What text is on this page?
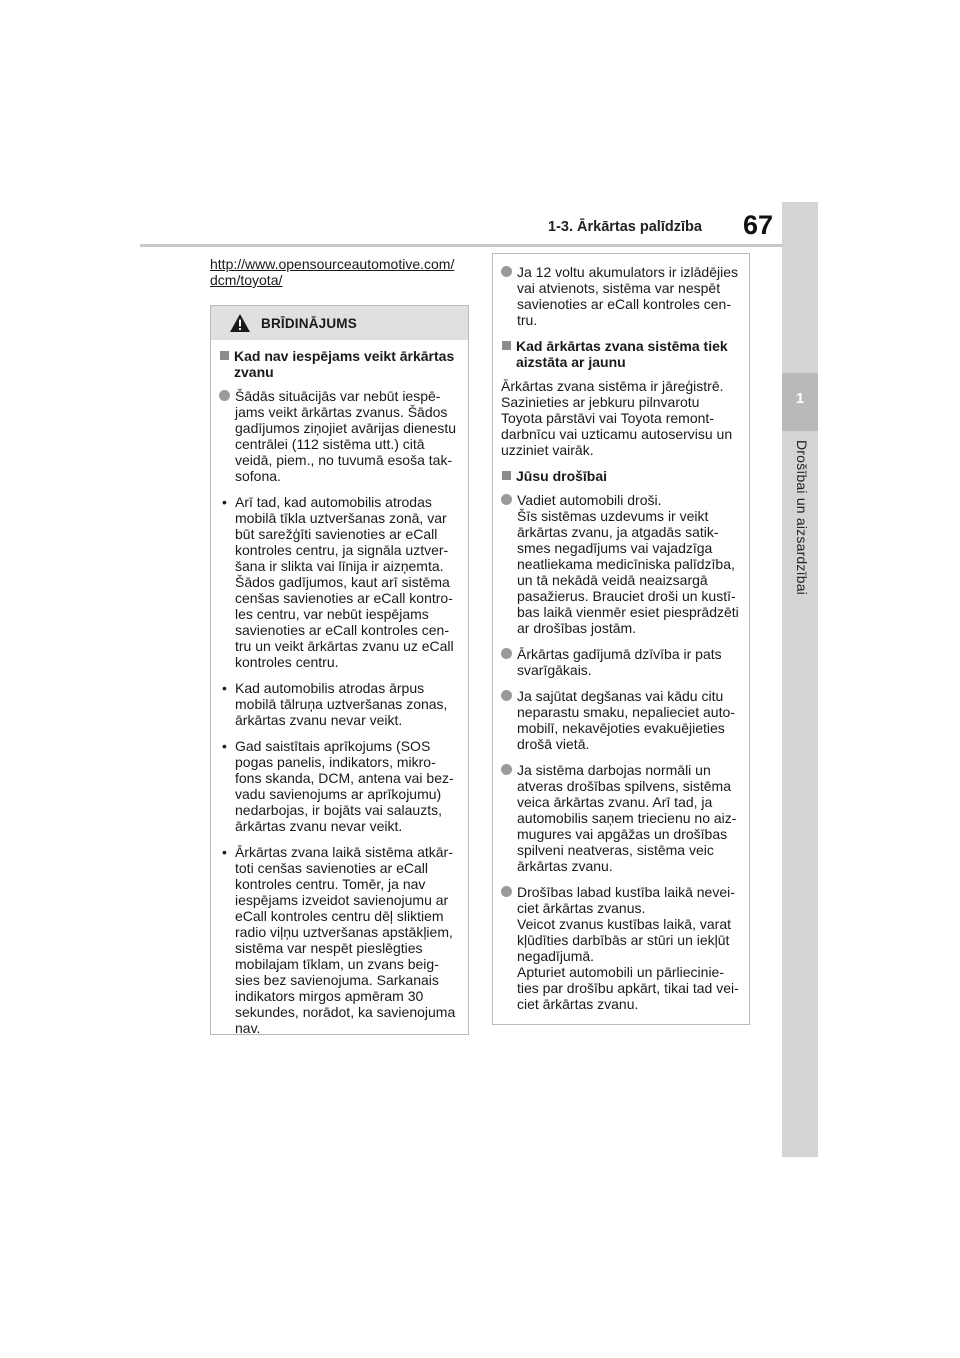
1-3. Ārkārtas palīdzība 67
1
Drošībai un aizsardzībai
http://www.opensourceautomotive.com/
dcm/toyota/
BRĪDINĀJUMS
Kad nav iespējams veikt ārkārtas
zvanu
Šādās situācijās var nebūt iespē-
jams veikt ārkārtas zvanus. Šādos
gadījumos ziņojiet avārijas dienestu
centrālei (112 sistēma utt.) citā
veidā, piem., no tuvumā esoša tak-
sofona.
• Arī tad, kad automobilis atrodas
mobilā tīkla uztveršanas zonā, var
būt sarežģīti savienoties ar eCall
kontroles centru, ja signāla uztver-
šana ir slikta vai līnija ir aizņemta.
Šādos gadījumos, kaut arī sistēma
cenšas savienoties ar eCall kontro-
les centru, var nebūt iespējams
savienoties ar eCall kontroles cen-
tru un veikt ārkārtas zvanu uz eCall
kontroles centru.
• Kad automobilis atrodas ārpus
mobilā tālruņa uztveršanas zonas,
ārkārtas zvanu nevar veikt.
• Gad saistītais aprīkojums (SOS
pogas panelis, indikators, mikro-
fons skanda, DCM, antena vai bez-
vadu savienojums ar aprīkojumu)
nedarbojas, ir bojāts vai salauzts,
ārkārtas zvanu nevar veikt.
• Ārkārtas zvana laikā sistēma atkār-
toti cenšas savienoties ar eCall
kontroles centru. Tomēr, ja nav
iespējams izveidot savienojumu ar
eCall kontroles centru dēļ sliktiem
radio viļņu uztveršanas apstākļiem,
sistēma var nespēt pieslēgties
mobilajam tīklam, un zvans beig-
sies bez savienojuma. Sarkanais
indikators mirgos apmēram 30
sekundes, norādot, ka savienojuma
nav.
Ja 12 voltu akumulators ir izlādējies
vai atvienots, sistēma var nespēt
savienoties ar eCall kontroles cen-
tru.
Kad ārkārtas zvana sistēma tiek
aizstāta ar jaunu
Ārkārtas zvana sistēma ir jāreģistrē.
Sazinieties ar jebkuru pilnvarotu
Toyota pārstāvi vai Toyota remont-
darbnīcu vai uzticamu autoservisu un
uzziniet vairāk.
Jūsu drošībai
Vadiet automobili droši.
Šīs sistēmas uzdevums ir veikt
ārkārtas zvanu, ja atgadās satik-
smes negadījums vai vajadzīga
neatliekama medicīniska palīdzība,
un tā nekādā veidā neaizsargā
pasažierus. Brauciet droši un kustī-
bas laikā vienmēr esiet piesprādzēti
ar drošības jostām.
Ārkārtas gadījumā dzīvība ir pats
svarīgākais.
Ja sajūtat degšanas vai kādu citu
neparastu smaku, nepalieciet auto-
mobilī, nekavējoties evakuējieties
drošā vietā.
Ja sistēma darbojas normāli un
atveras drošības spilvens, sistēma
veica ārkārtas zvanu. Arī tad, ja
automobilis saņem triecienu no aiz-
mugures vai apgāžas un drošības
spilveni neatveras, sistēma veic
ārkārtas zvanu.
Drošības labad kustība laikā nevei-
ciet ārkārtas zvanus.
Veicot zvanus kustības laikā, varat
kļūdīties darbībās ar stūri un iekļūt
negadījumā.
Apturiet automobili un pārliecinie-
ties par drošību apkārt, tikai tad vei-
ciet ārkārtas zvanu.
